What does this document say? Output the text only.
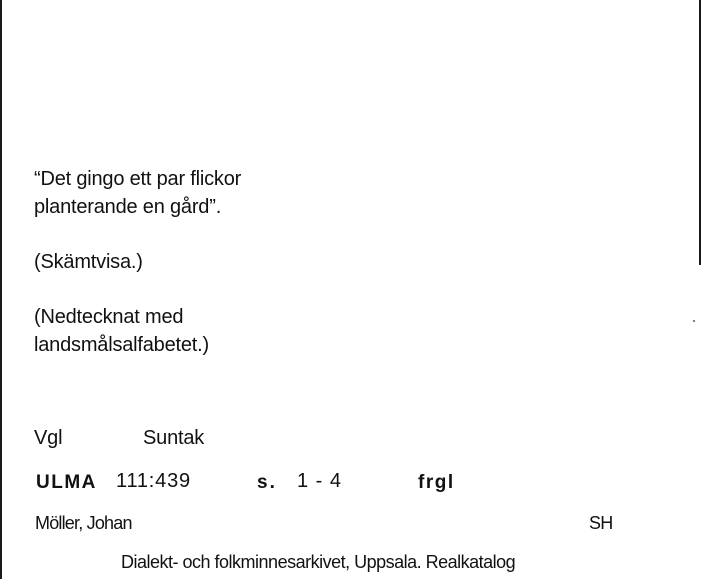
“Det gingo ett par flickor
planterande en gård”.
(Skämtvisa.)
(Nedtecknat med
landsmålsalfabetet.)
Vgl	Suntak
ULMA 111:439	s. 1 - 4	frgl
Möller, Johan	SH
Dialekt- och folkminnesarkivet, Uppsala. Realkatalog
